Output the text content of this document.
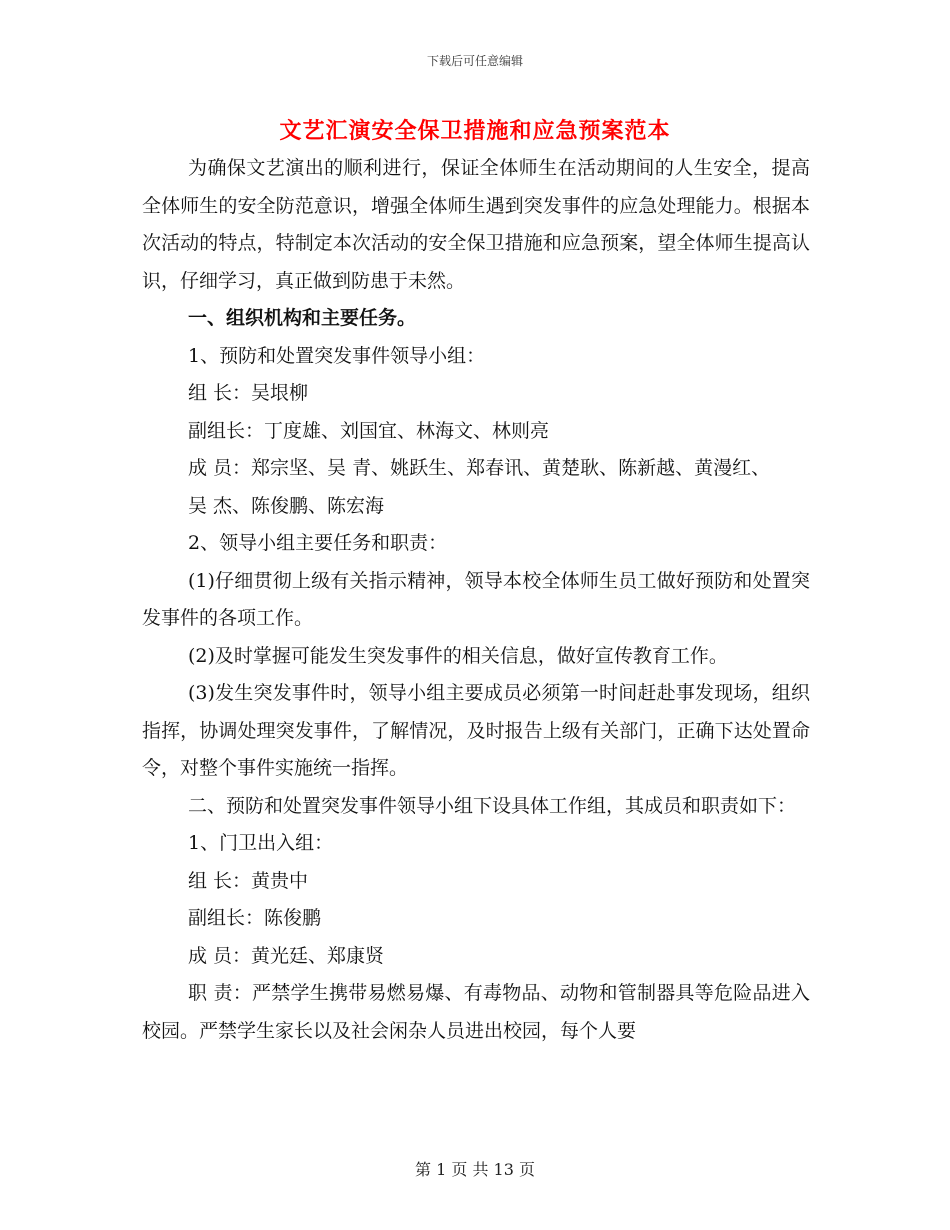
下载后可任意编辑
文艺汇演安全保卫措施和应急预案范本

为确保文艺演出的顺利进行，保证全体师生在活动期间的人生安全，提高全体师生的安全防范意识，增强全体师生遇到突发事件的应急处理能力。根据本次活动的特点，特制定本次活动的安全保卫措施和应急预案，望全体师生提高认识，仔细学习，真正做到防患于未然。

一、组织机构和主要任务。

1、预防和处置突发事件领导小组：

组 长：吴垠柳

副组长：丁度雄、刘国宜、林海文、林则亮

成 员：郑宗坚、吴 青、姚跃生、郑春讯、黄楚耿、陈新越、黄漫红、

吴 杰、陈俊鹏、陈宏海

2、领导小组主要任务和职责：

(1)仔细贯彻上级有关指示精神，领导本校全体师生员工做好预防和处置突发事件的各项工作。

(2)及时掌握可能发生突发事件的相关信息，做好宣传教育工作。

(3)发生突发事件时，领导小组主要成员必须第一时间赶赴事发现场，组织指挥，协调处理突发事件，了解情况，及时报告上级有关部门，正确下达处置命令，对整个事件实施统一指挥。

二、预防和处置突发事件领导小组下设具体工作组，其成员和职责如下：

1、门卫出入组：

组 长：黄贵中

副组长：陈俊鹏

成 员：黄光廷、郑康贤

职 责：严禁学生携带易燃易爆、有毒物品、动物和管制器具等危险品进入校园。严禁学生家长以及社会闲杂人员进出校园，每个人要

第 1 页 共 13 页
